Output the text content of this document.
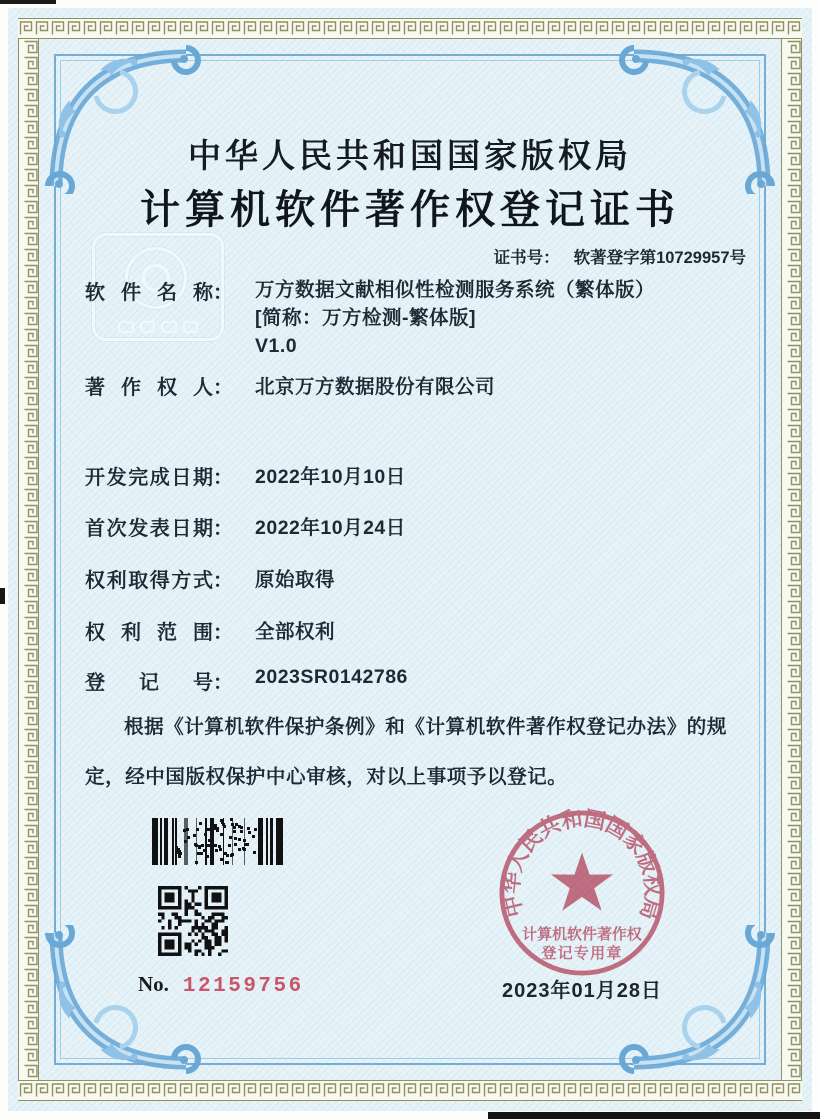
中华人民共和国国家版权局
计算机软件著作权登记证书
证书号： 软著登字第10729957号
软件名称 ： 万方数据文献相似性检测服务系统（繁体版）
[简称：万方检测-繁体版]
V1.0
著作权人 ： 北京万方数据股份有限公司
开发完成日期 ： 2022年10月10日
首次发表日期 ： 2022年10月24日
权利取得方式 ： 原始取得
权利范围 ： 全部权利
登记号 ： 2023SR0142786
根据《计算机软件保护条例》和《计算机软件著作权登记办法》的规定，经中国版权保护中心审核，对以上事项予以登记。
No. 12159756	2023年01月28日
中华人民共和国国家版权局
计算机软件著作权
登记专用章
